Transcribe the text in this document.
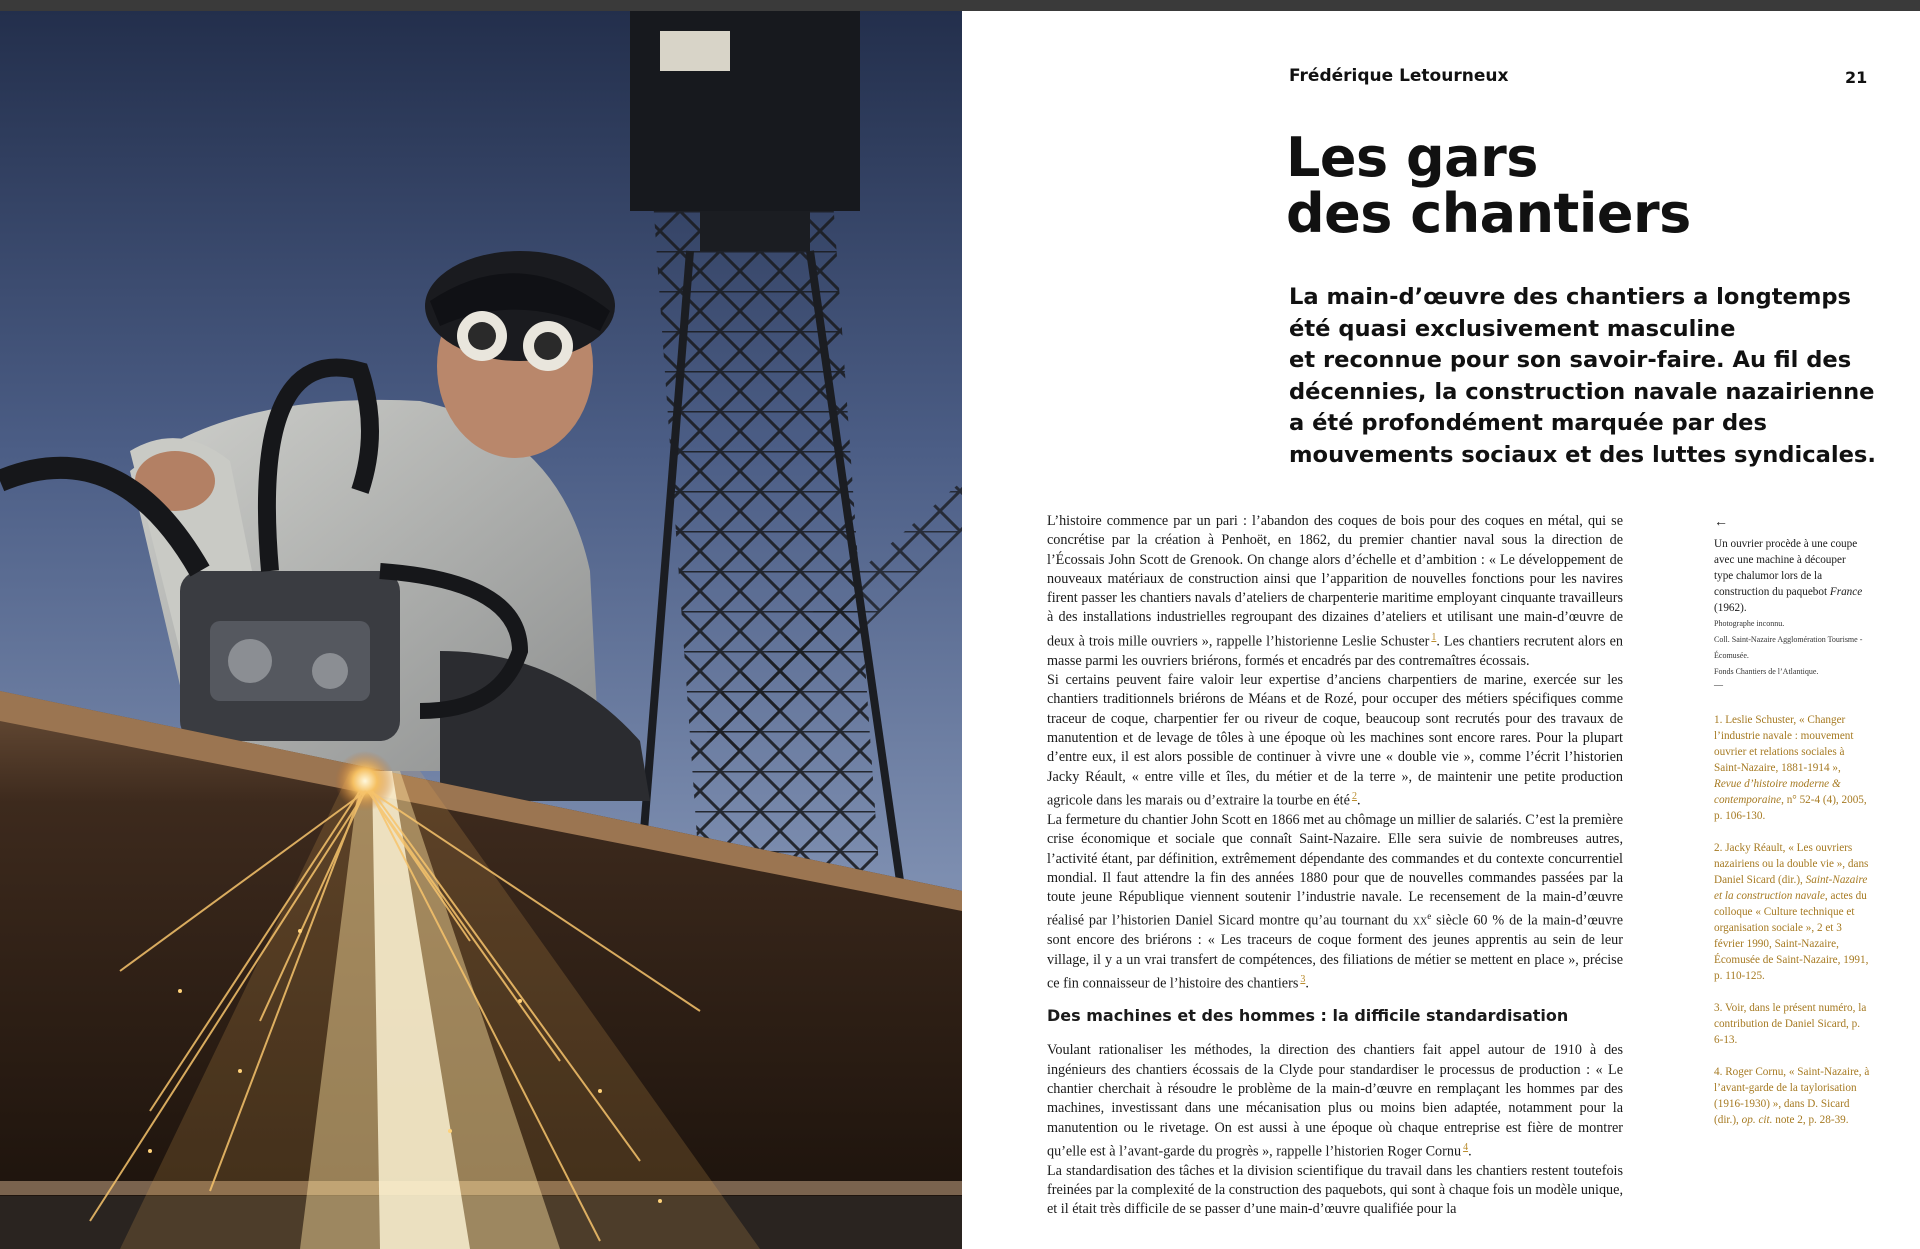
Frédérique Letourneux	21
Les gars
des chantiers
La main-d’œuvre des chantiers a longtemps
été quasi exclusivement masculine
et reconnue pour son savoir-faire. Au fil des
décennies, la construction navale nazairienne
a été profondément marquée par des
mouvements sociaux et des luttes syndicales.

L’histoire commence par un pari : l’abandon des coques de bois pour des coques en métal, qui se concrétise par la création à Penhoët, en 1862, du premier chantier naval sous la direction de l’Écossais John Scott de Grenook. On change alors d’échelle et d’ambition : « Le développement de nouveaux matériaux de construction ainsi que l’apparition de nouvelles fonctions pour les navires firent passer les chantiers navals d’ateliers de charpenterie maritime employant cinquante travailleurs à des installations industrielles regroupant des dizaines d’ateliers et utilisant une main-d’œuvre de deux à trois mille ouvriers », rappelle l’historienne Leslie Schuster $^1$. Les chantiers recrutent alors en masse parmi les ouvriers briérons, formés et encadrés par des contremaîtres écossais.

Si certains peuvent faire valoir leur expertise d’anciens charpentiers de marine, exercée sur les chantiers traditionnels briérons de Méans et de Rozé, pour occuper des métiers spécifiques comme traceur de coque, charpentier fer ou riveur de coque, beaucoup sont recrutés pour des travaux de manutention et de levage de tôles à une époque où les machines sont encore rares. Pour la plupart d’entre eux, il est alors possible de continuer à vivre une « double vie », comme l’écrit l’historien Jacky Réault, « entre ville et îles, du métier et de la terre », de maintenir une petite production agricole dans les marais ou d’extraire la tourbe en été $^2$.

La fermeture du chantier John Scott en 1866 met au chômage un millier de salariés. C’est la première crise économique et sociale que connaît Saint-Nazaire. Elle sera suivie de nombreuses autres, l’activité étant, par définition, extrêmement dépendante des commandes et du contexte concurrentiel mondial. Il faut attendre la fin des années 1880 pour que de nouvelles commandes passées par la toute jeune République viennent soutenir l’industrie navale. Le recensement de la main-d’œuvre réalisé par l’historien Daniel Sicard montre qu’au tournant du $xx^e$ siècle 60 % de la main-d’œuvre sont encore des briérons : « Les traceurs de coque forment des jeunes apprentis au sein de leur village, il y a un vrai transfert de compétences, des filiations de métier se mettent en place », précise ce fin connaisseur de l’histoire des chantiers $^3$.

Des machines et des hommes : la difficile standardisation

Voulant rationaliser les méthodes, la direction des chantiers fait appel autour de 1910 à des ingénieurs des chantiers écossais de la Clyde pour standardiser le processus de production : « Le chantier cherchait à résoudre le problème de la main-d’œuvre en remplaçant les hommes par des machines, investissant dans une mécanisation plus ou moins bien adaptée, notamment pour la manutention ou le rivetage. On est aussi à une époque où chaque entreprise est fière de montrer qu’elle est à l’avant-garde du progrès », rappelle l’historien Roger Cornu $^4$.

La standardisation des tâches et la division scientifique du travail dans les chantiers restent toutefois freinées par la complexité de la construction des paquebots, qui sont à chaque fois un modèle unique, et il était très difficile de se passer d’une main-d’œuvre qualifiée pour la

←
Un ouvrier procède à une coupe avec une machine à découper type chalumor lors de la construction du paquebot France (1962).
Photographe inconnu.
Coll. Saint-Nazaire Agglomération Tourisme - Écomusée.
Fonds Chantiers de l’Atlantique.
—
1. Leslie Schuster, « Changer l’industrie navale : mouvement ouvrier et relations sociales à Saint-Nazaire, 1881-1914 », Revue d’histoire moderne & contemporaine, n° 52-4 (4), 2005, p. 106-130.
2. Jacky Réault, « Les ouvriers nazairiens ou la double vie », dans Daniel Sicard (dir.), Saint-Nazaire et la construction navale, actes du colloque « Culture technique et organisation sociale », 2 et 3 février 1990, Saint-Nazaire, Écomusée de Saint-Nazaire, 1991, p. 110-125.
3. Voir, dans le présent numéro, la contribution de Daniel Sicard, p. 6-13.
4. Roger Cornu, « Saint-Nazaire, à l’avant-garde de la taylorisation (1916-1930) », dans D. Sicard (dir.), op. cit. note 2, p. 28-39.
